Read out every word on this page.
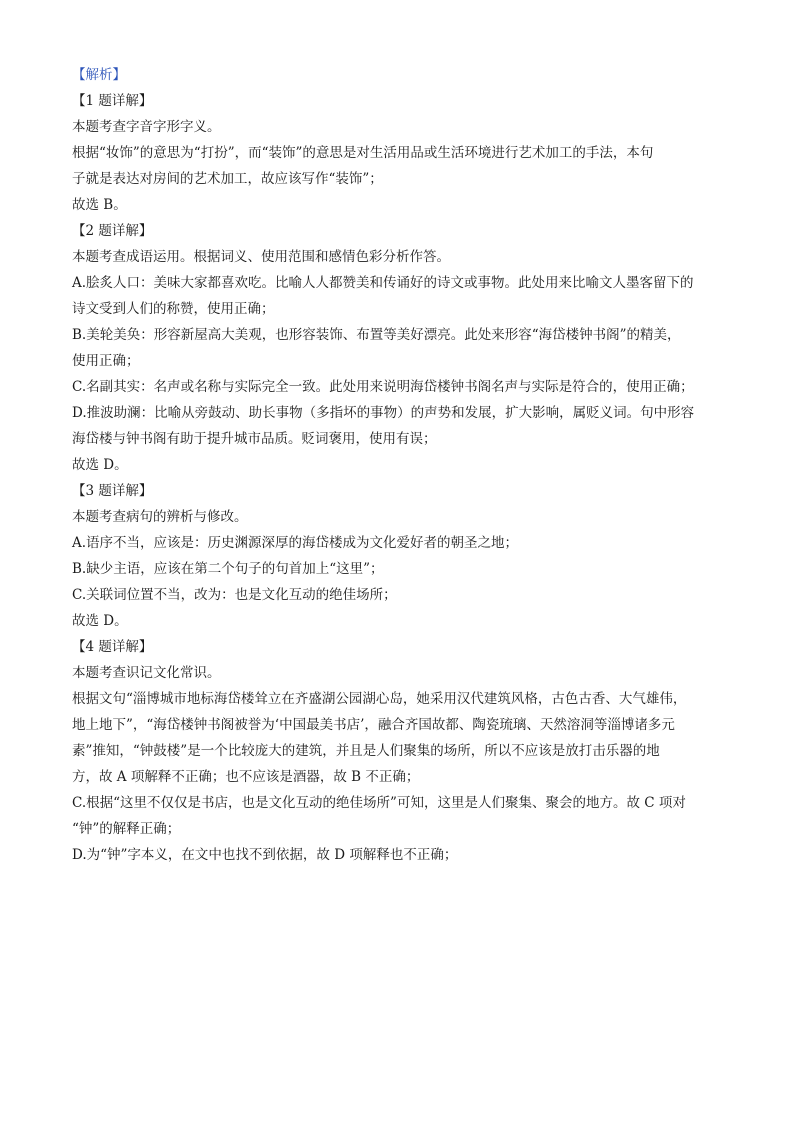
【解析】

【1 题详解】

本题考查字音字形字义。

根据“妆饰”的意思为“打扮”，而“装饰”的意思是对生活用品或生活环境进行艺术加工的手法，本句

子就是表达对房间的艺术加工，故应该写作“装饰”；

故选 B。

【2 题详解】

本题考查成语运用。根据词义、使用范围和感情色彩分析作答。

A.脍炙人口：美味大家都喜欢吃。比喻人人都赞美和传诵好的诗文或事物。此处用来比喻文人墨客留下的

诗文受到人们的称赞，使用正确；

B.美轮美奂：形容新屋高大美观，也形容装饰、布置等美好漂亮。此处来形容“海岱楼钟书阁”的精美，

使用正确；

C.名副其实：名声或名称与实际完全一致。此处用来说明海岱楼钟书阁名声与实际是符合的，使用正确；

D.推波助澜：比喻从旁鼓动、助长事物（多指坏的事物）的声势和发展，扩大影响，属贬义词。句中形容

海岱楼与钟书阁有助于提升城市品质。贬词褒用，使用有误；

故选 D。

【3 题详解】

本题考查病句的辨析与修改。

A.语序不当，应该是：历史渊源深厚的海岱楼成为文化爱好者的朝圣之地；

B.缺少主语，应该在第二个句子的句首加上“这里”；

C.关联词位置不当，改为：也是文化互动的绝佳场所；

故选 D。

【4 题详解】

本题考查识记文化常识。

根据文句“淄博城市地标海岱楼耸立在齐盛湖公园湖心岛，她采用汉代建筑风格，古色古香、大气雄伟，

地上地下”，“海岱楼钟书阁被誉为‘中国最美书店’，融合齐国故都、陶瓷琉璃、天然溶洞等淄博诸多元

素”推知，“钟鼓楼”是一个比较庞大的建筑，并且是人们聚集的场所，所以不应该是放打击乐器的地

方，故 A 项解释不正确；也不应该是酒器，故 B 不正确；

C.根据“这里不仅仅是书店，也是文化互动的绝佳场所”可知，这里是人们聚集、聚会的地方。故 C 项对

“钟”的解释正确；

D.为“钟”字本义，在文中也找不到依据，故 D 项解释也不正确；
